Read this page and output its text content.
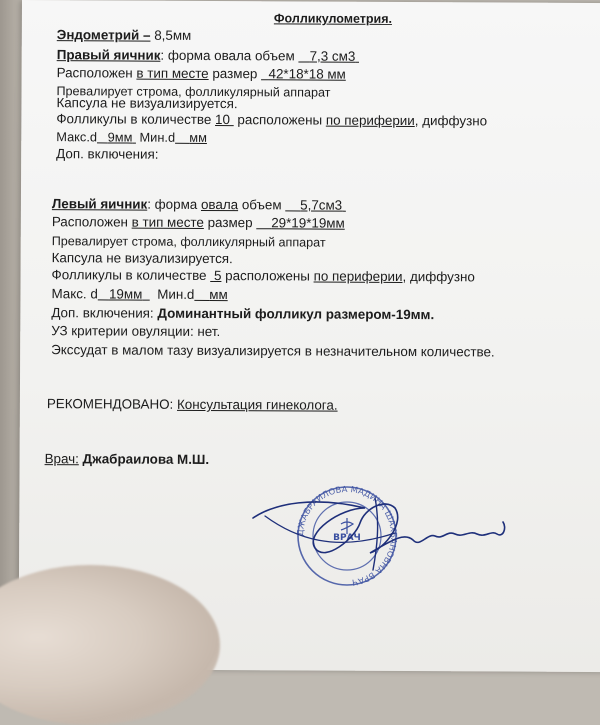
Фолликулометрия.
Эндометрий – 8,5мм
Правый яичник: форма овала объем 7,3 см3
Расположен в тип месте размер 42*18*18 мм
Превалирует строма, фолликулярный аппарат
Капсула не визуализируется.
Фолликулы в количестве 10 расположены по периферии, диффузно
Макс.d 9мм Мин.d мм
Доп. включения:
Левый яичник: форма овала объем 5,7см3
Расположен в тип месте размер 29*19*19мм
Превалирует строма, фолликулярный аппарат
Капсула не визуализируется.
Фолликулы в количестве 5 расположены по периферии, диффузно
Макс. d 19мм Мин.d мм
Доп. включения: Доминантный фолликул размером-19мм.
УЗ критерии овуляции: нет.
Экссудат в малом тазу визуализируется в незначительном количестве.
РЕКОМЕНДОВАНО: Консультация гинеколога.
Врач: Джабраилова М.Ш.
ДЖАБРАИЛОВА МАДИНА ШАХБАНОВНА ВРАЧ
ВРАЧ
